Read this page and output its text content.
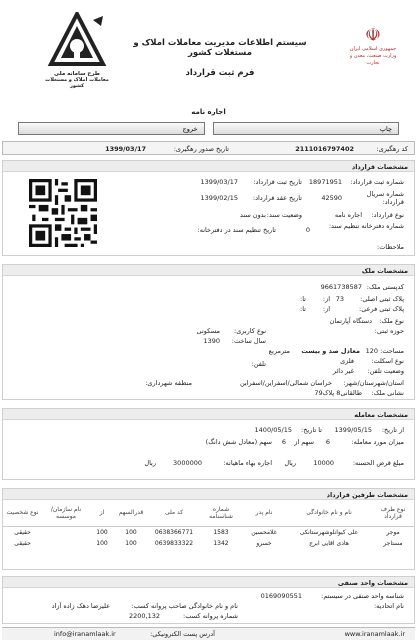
☫
جمهوری اسلامی ایران
وزارت صنعت، معدن و تجارت
سیستم اطلاعات مدیریت معاملات املاک و مستغلات کشور
فرم ثبت قرارداد
طرح سامانه ملی
معاملات املاک و مستغلات کشور
اجاره نامه
چاپ
خروج
کد رهگیری:
2111016797402
تاریخ صدور رهگیری:
1399/03/17
مشخصات قرارداد
شماره ثبت قرارداد:
18971951
تاریخ ثبت قرارداد:
1399/03/17
شماره سریال قرارداد:
42590
تاریخ عقد قرارداد:
1399/02/15
نوع قرارداد:
اجاره نامه
وضعیت سند:
بدون سند
شماره دفترخانه تنظیم سند:
0
تاریخ تنظیم سند در دفترخانه:
ملاحظات:
مشخصات ملک
کدپستی ملک:
9661738587
پلاک ثبتی اصلی:
73
از:
تا:
پلاک ثبتی فرعی:
از:
تا:
نوع ملک:
دستگاه آپارتمان
حوزه ثبتی:
نوع کاربری:
مسکونی
سال ساخت:
1390
مساحت:
120
معادل صد و بیست
مترمربع
نوع اسکلت:
فلزی
وضعیت تلفن:
غیر دائر
تلفن:
استان/شهرستان/شهر:
خراسان شمالی/اسفراین/اسفراین
منطقه شهرداری:
نشانی ملک:
طالقانی8 پلاک79
مشخصات معامله
از تاریخ:
1399/05/15
تا تاریخ:
1400/05/15
میزان مورد معامله:
6
سهم از
6
سهم (معادل شش دانگ)
مبلغ قرض الحسنه:
10000
ریال
اجاره بهاء ماهیانه:
3000000
ریال
مشخصات طرفین قرارداد
نوع طرف قرارداد	نام و نام خانوادگی	نام پدر	شماره شناسنامه	کد ملی	قدرالسهم	از	نام سازمان/موسسه	نوع شخصیت
موجر	علی کیوانلوشهرستانکی	غلامحسین	1583	0638366771	100	100		حقیقی
مستاجر	هادی اقایی ابرج	خسرو	1342	0639833322	100	100		حقیقی
مشخصات واحد صنفی
شناسه واحد صنفی در سیستم:
0169090551
نام اتحادیه:
نام و نام خانوادگی صاحب پروانه کسب:
علیرضا دهک زاده آزاد
شماره پروانه کسب:
2200,132
www.iranamlaak.ir
آدرس پست الکترونیکی:
info@iranamlaak.ir
